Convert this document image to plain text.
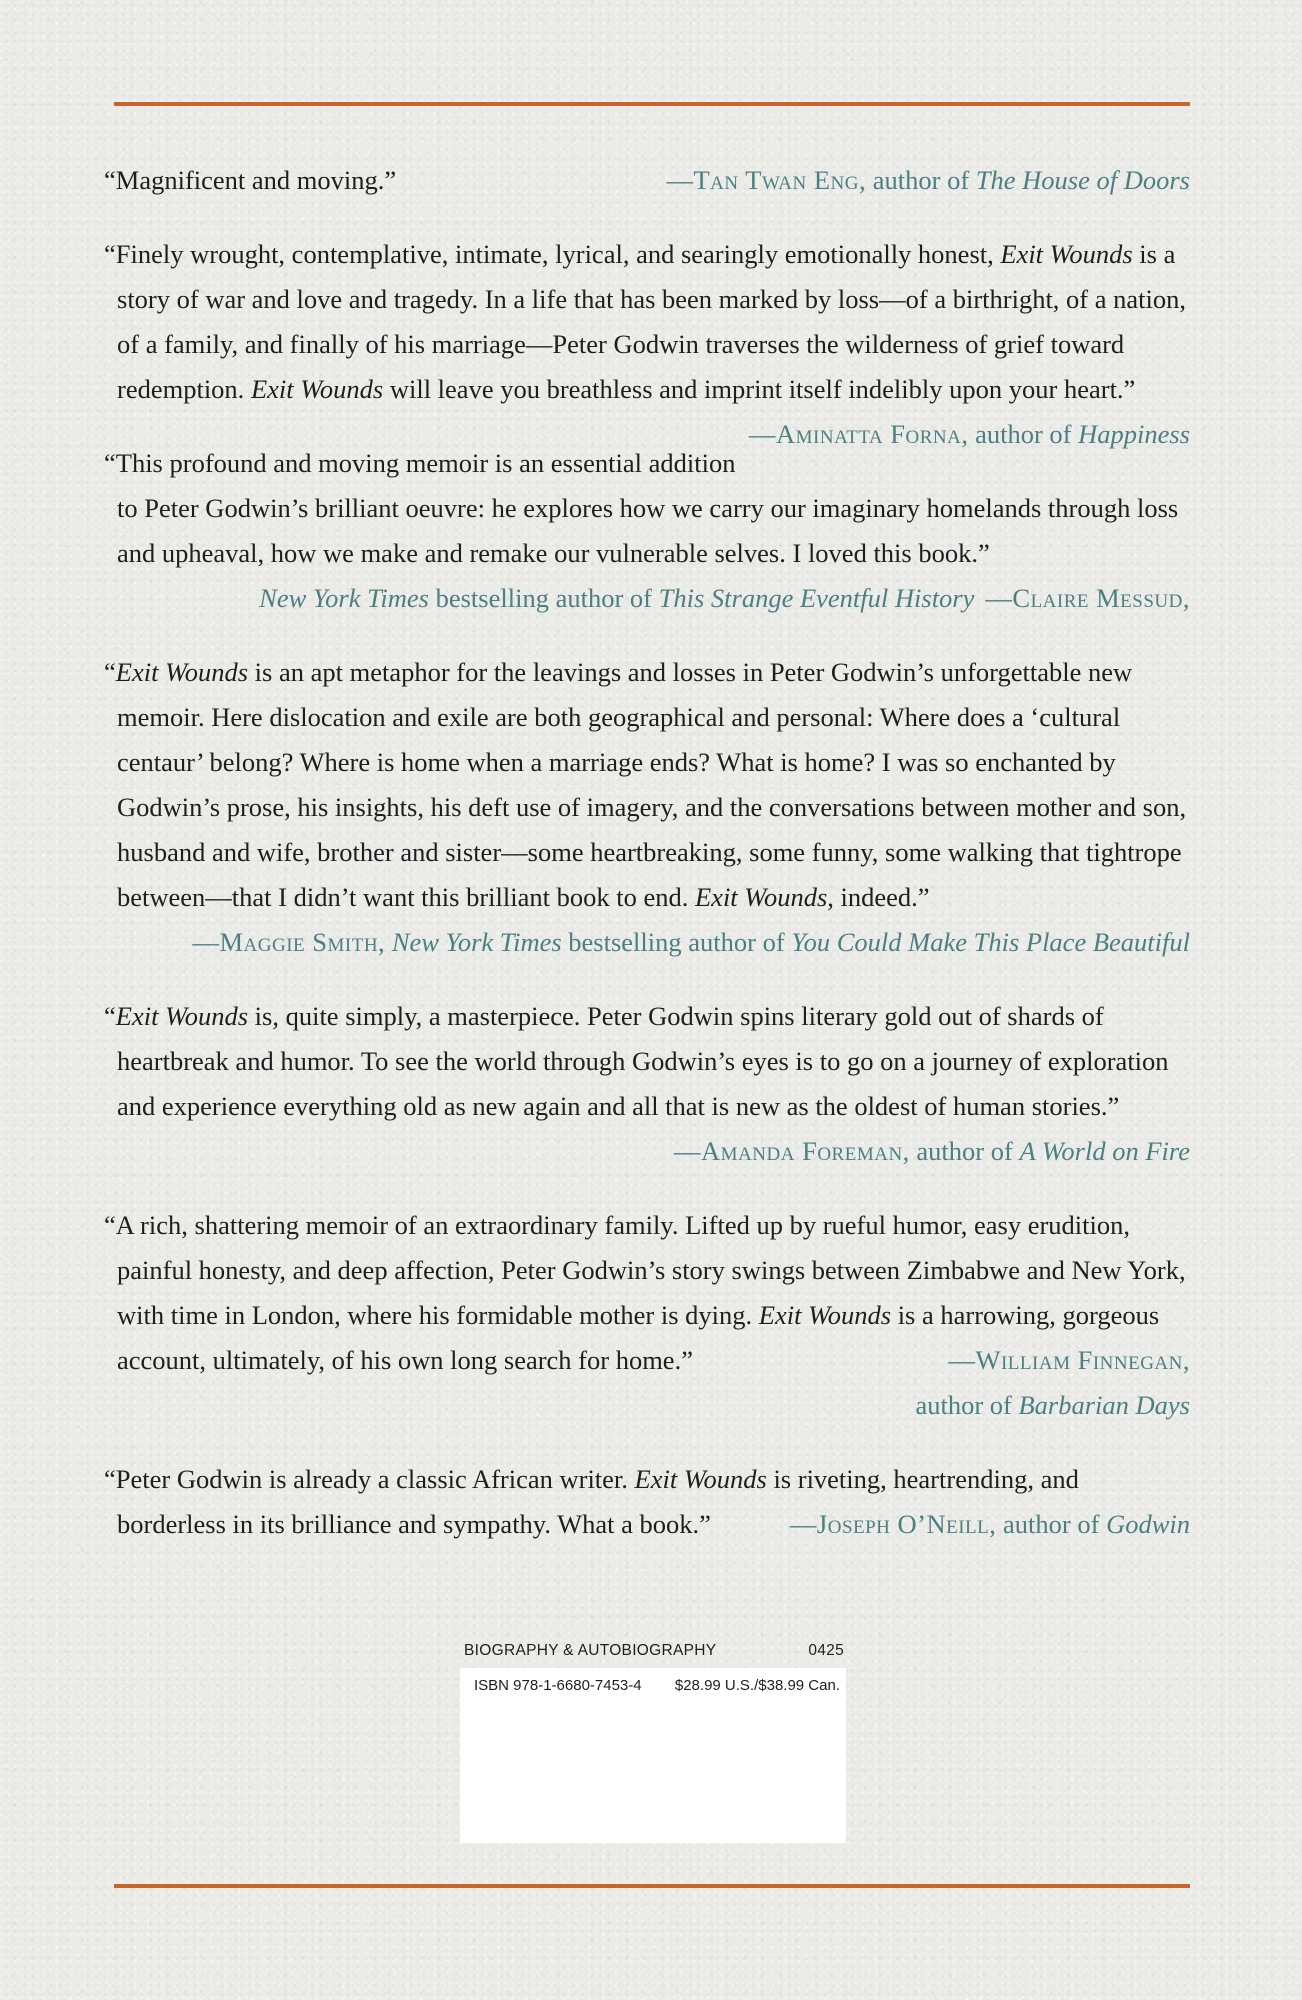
—Tan Twan Eng, author of The House of Doors
“Magnificent and moving.”

“Finely wrought, contemplative, intimate, lyrical, and searingly emotionally honest, Exit Wounds is a story of war and love and tragedy. In a life that has been marked by loss—of a birthright, of a nation, of a family, and finally of his marriage—Peter Godwin traverses the wilderness of grief toward redemption. Exit Wounds will leave you breathless and imprint itself indelibly upon your heart.”
—Aminatta Forna, author of Happiness

“This profound and moving memoir is an essential addition to Peter Godwin’s brilliant oeuvre: he explores how we carry our imaginary homelands through loss and upheaval, how we make and remake our vulnerable selves. I loved this book.”
—Claire Messud,

New York Times bestselling author of This Strange Eventful History

“Exit Wounds is an apt metaphor for the leavings and losses in Peter Godwin’s unforgettable new memoir. Here dislocation and exile are both geographical and personal: Where does a ‘cultural centaur’ belong? Where is home when a marriage ends? What is home? I was so enchanted by Godwin’s prose, his insights, his deft use of imagery, and the conversations between mother and son, husband and wife, brother and sister—some heartbreaking, some funny, some walking that tightrope between—that I didn’t want this brilliant book to end. Exit Wounds, indeed.”

—Maggie Smith, New York Times bestselling author of You Could Make This Place Beautiful

“Exit Wounds is, quite simply, a masterpiece. Peter Godwin spins literary gold out of shards of heartbreak and humor. To see the world through Godwin’s eyes is to go on a journey of exploration and experience everything old as new again and all that is new as the oldest of human stories.”

—Amanda Foreman, author of A World on Fire

“A rich, shattering memoir of an extraordinary family. Lifted up by rueful humor, easy erudition, painful honesty, and deep affection, Peter Godwin’s story swings between Zimbabwe and New York, with time in London, where his formidable mother is dying. Exit Wounds is a harrowing, gorgeous account, ultimately, of his own long search for home.”	—William Finnegan,

author of Barbarian Days

“Peter Godwin is already a classic African writer. Exit Wounds is riveting, heartrending, and borderless in its brilliance and sympathy. What a book.”	—Joseph O’Neill, author of Godwin

BIOGRAPHY & AUTOBIOGRAPHY	0425
ISBN 978-1-6680-7453-4 $28.99 U.S./$38.99 Can.
